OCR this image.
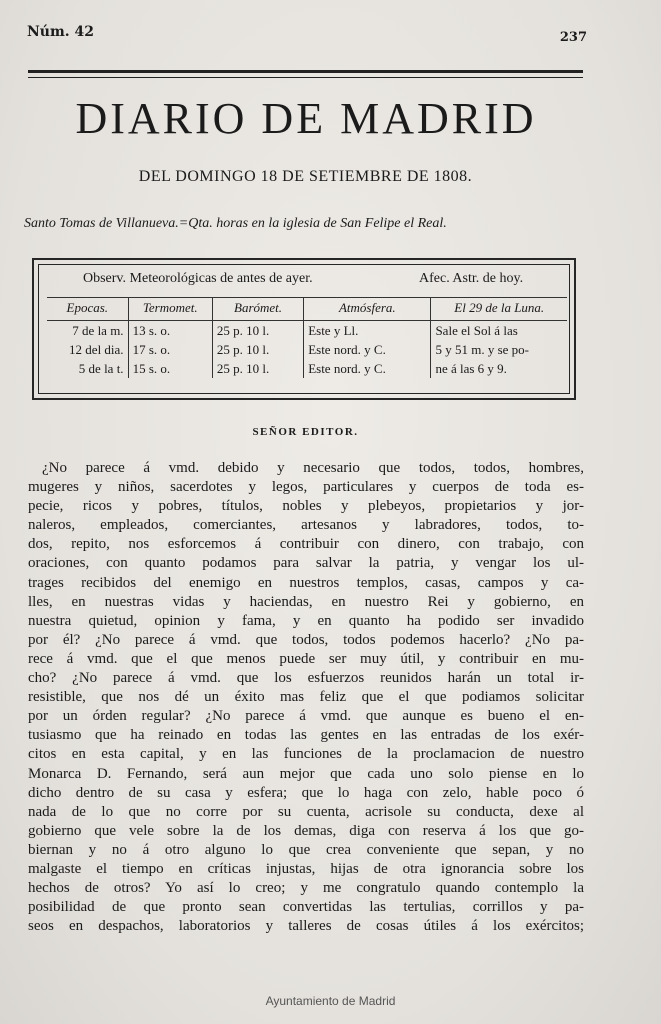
Núm. 42	237
DIARIO DE MADRID
DEL DOMINGO 18 DE SETIEMBRE DE 1808.
Santo Tomas de Villanueva.=Qta. horas en la iglesia de San Felipe el Real.
Observ. Meteorológicas de antes de ayer.	Afec. Astr. de hoy.
Epocas.	Termomet.	Barómet.	Atmósfera.	El 29 de la Luna.
7 de la m.	13 s. o.	25 p. 10 l.	Este y Ll.	Sale el Sol á las
12 del dia.	17 s. o.	25 p. 10 l.	Este nord. y C.	5 y 51 m. y se po-
5 de la t.	15 s. o.	25 p. 10 l.	Este nord. y C.	ne á las 6 y 9.
SEÑOR EDITOR.
¿No parece á vmd. debido y necesario que todos, todos, hombres,
mugeres y niños, sacerdotes y legos, particulares y cuerpos de toda es-
pecie, ricos y pobres, títulos, nobles y plebeyos, propietarios y jor-
naleros, empleados, comerciantes, artesanos y labradores, todos, to-
dos, repito, nos esforcemos á contribuir con dinero, con trabajo, con
oraciones, con quanto podamos para salvar la patria, y vengar los ul-
trages recibidos del enemigo en nuestros templos, casas, campos y ca-
lles, en nuestras vidas y haciendas, en nuestro Rei y gobierno, en
nuestra quietud, opinion y fama, y en quanto ha podido ser invadido
por él? ¿No parece á vmd. que todos, todos podemos hacerlo? ¿No pa-
rece á vmd. que el que menos puede ser muy útil, y contribuir en mu-
cho? ¿No parece á vmd. que los esfuerzos reunidos harán un total ir-
resistible, que nos dé un éxito mas feliz que el que podiamos solicitar
por un órden regular? ¿No parece á vmd. que aunque es bueno el en-
tusiasmo que ha reinado en todas las gentes en las entradas de los exér-
citos en esta capital, y en las funciones de la proclamacion de nuestro
Monarca D. Fernando, será aun mejor que cada uno solo piense en lo
dicho dentro de su casa y esfera; que lo haga con zelo, hable poco ó
nada de lo que no corre por su cuenta, acrisole su conducta, dexe al
gobierno que vele sobre la de los demas, diga con reserva á los que go-
biernan y no á otro alguno lo que crea conveniente que sepan, y no
malgaste el tiempo en críticas injustas, hijas de otra ignorancia sobre los
hechos de otros? Yo así lo creo; y me congratulo quando contemplo la
posibilidad de que pronto sean convertidas las tertulias, corrillos y pa-
seos en despachos, laboratorios y talleres de cosas útiles á los exércitos;
Ayuntamiento de Madrid
